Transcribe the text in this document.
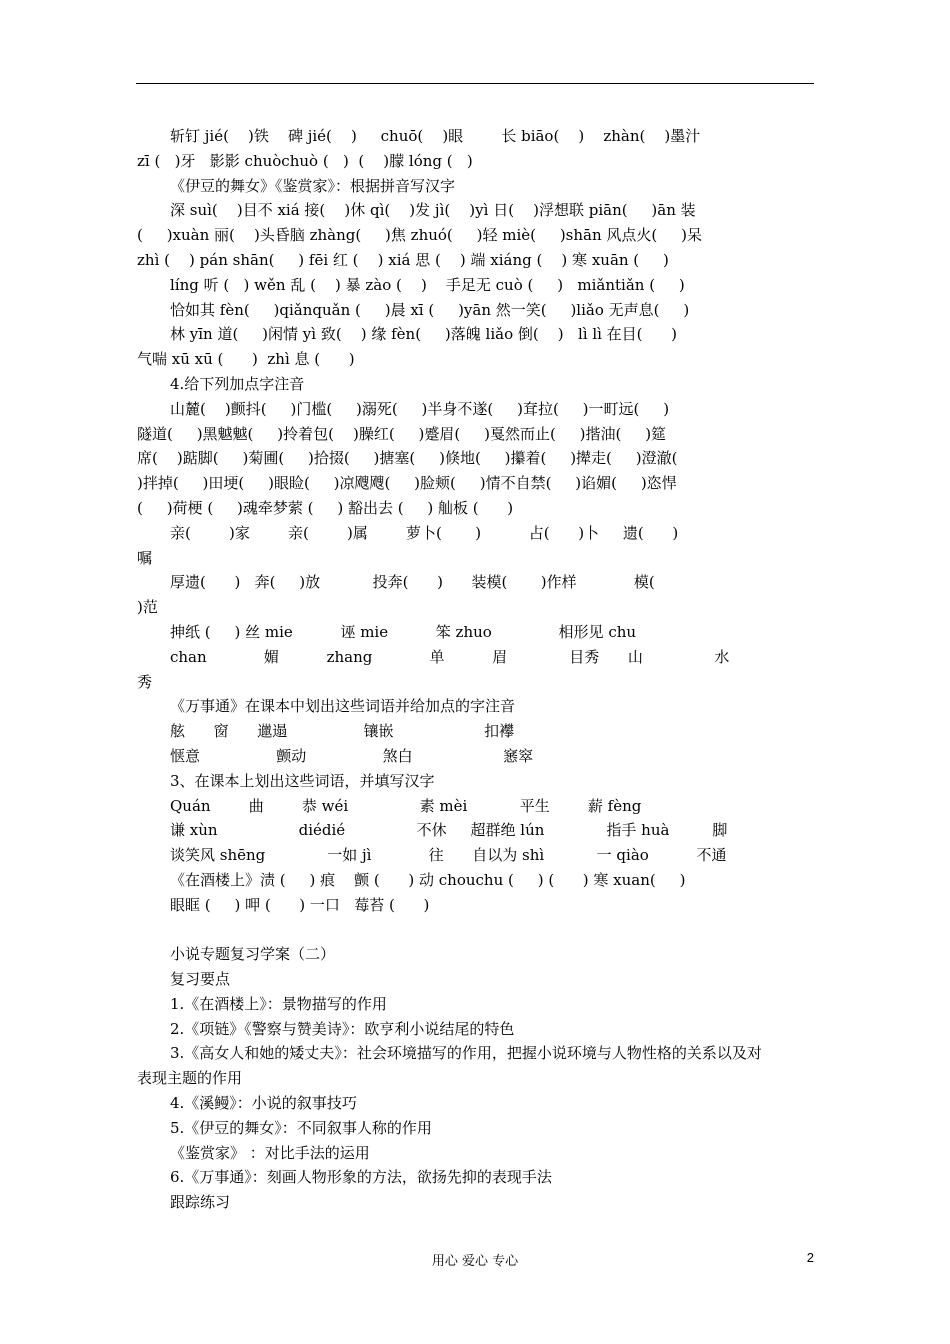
斩钉 jié(    )铁    碑 jié(    )     chuō(    )眼        长 biāo(    )    zhàn(    )墨汁
zī (   )牙   影影 chuòchuò (   )  (    )朦 lóng (   )
《伊豆的舞女》《鉴赏家》：根据拼音写汉字
深 suì(    )目不 xiá 接(    )休 qì(    )发 jì(    )yì 日(    )浮想联 piān(     )ān 装
(     )xuàn 丽(    )头昏脑 zhàng(     )焦 zhuó(     )轻 miè(     )shān 风点火(     )呆
zhì (    ) pán shān(     ) fēi 红 (    ) xiá 思 (    ) 端 xiáng (    ) 寒 xuān (     )
líng 听 (   ) wěn 乱 (    ) 暴 zào (    )    手足无 cuò (     )   miǎntiǎn (     )
恰如其 fèn(     )qiǎnquǎn (     )晨 xī (     )yān 然一笑(     )liǎo 无声息(     )
林 yīn 道(     )闲情 yì 致(    ) 缘 fèn(     )落魄 liǎo 倒(    )   lì lì 在目(      )
气喘 xū xū (      )  zhì 息 (      )
4.给下列加点字注音
山麓(    )颤抖(     )门槛(     )溺死(     )半身不遂(     )耷拉(     )一町远(     )
隧道(     )黑魆魆(     )拎着包(    )臊红(     )蹙眉(     )戛然而止(     )揩油(     )筵
席(    )踮脚(     )菊圃(     )拾掇(     )搪塞(     )倏地(     )攥着(     )撵走(     )澄澈(
)拌掉(     )田埂(     )眼睑(     )凉飕飕(     )脸颊(     )情不自禁(     )谄媚(     )恣悍
(     )荷梗 (     )魂牵梦萦 (     ) 豁出去 (     ) 舢板 (      )
亲(        )家        亲(        )属        萝卜(       )          占(      )卜     遗(      )
嘱
厚遗(      )   奔(     )放           投奔(      )      装模(       )作样            模(
)范
抻纸 (     ) 丝 mie          诬 mie          笨 zhuo              相形见 chu
chan            媚          zhang            单          眉             目秀      山               水
秀
《万事通》在课本中划出这些词语并给加点的字注音
舷      窗      邋遢                镶嵌                   扣襻
惬意                颤动                煞白                   窸窣
3、在课本上划出这些词语，并填写汉字
Quán        曲        恭 wéi               素 mèi           平生        薪 fèng
谦 xùn                 diédié               不休     超群绝 lún             指手 huà         脚
谈笑风 shēng             一如 jì            往      自以为 shì           一 qiào          不通
《在酒楼上》渍 (     ) 痕    颤 (      ) 动 chouchu (     ) (      ) 寒 xuan(     )
眼眶 (     ) 呷 (      ) 一口   莓苔 (      )
小说专题复习学案（二）
复习要点
1.《在酒楼上》：景物描写的作用
2.《项链》《警察与赞美诗》：欧亨利小说结尾的特色
3.《高女人和她的矮丈夫》：社会环境描写的作用，把握小说环境与人物性格的关系以及对
表现主题的作用
4.《溪鳗》：小说的叙事技巧
5.《伊豆的舞女》：不同叙事人称的作用
《鉴赏家》 ：对比手法的运用
6.《万事通》：刻画人物形象的方法，欲扬先抑的表现手法
跟踪练习
用心 爱心 专心	2
